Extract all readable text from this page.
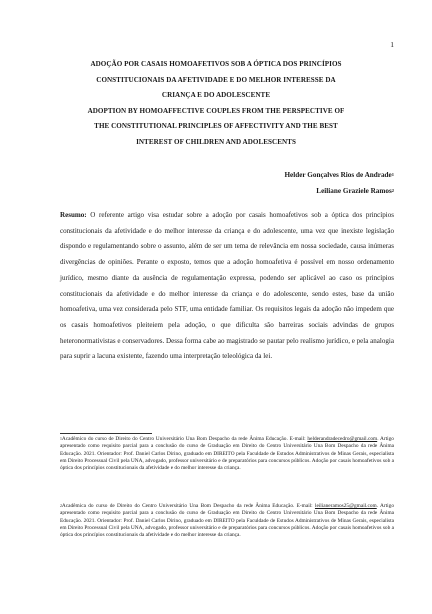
1
ADOÇÃO POR CASAIS HOMOAFETIVOS SOB A ÓPTICA DOS PRINCÍPIOS
CONSTITUCIONAIS DA AFETIVIDADE E DO MELHOR INTERESSE DA
CRIANÇA E DO ADOLESCENTE
ADOPTION BY HOMOAFFECTIVE COUPLES FROM THE PERSPECTIVE OF
THE CONSTITUTIONAL PRINCIPLES OF AFFECTIVITY AND THE BEST
INTEREST OF CHILDREN AND ADOLESCENTS
Helder Gonçalves Rios de Andrade$^1$
Leiliane Graziele Ramos$^2$
Resumo: O referente artigo visa estudar sobre a adoção por casais homoafetivos sob a óptica dos princípios constitucionais da afetividade e do melhor interesse da criança e do adolescente, uma vez que inexiste legislação dispondo e regulamentando sobre o assunto, além de ser um tema de relevância em nossa sociedade, causa inúmeras divergências de opiniões. Perante o exposto, temos que a adoção homoafetiva é possível em nosso ordenamento jurídico, mesmo diante da ausência de regulamentação expressa, podendo ser aplicável ao caso os princípios constitucionais da afetividade e do melhor interesse da criança e do adolescente, sendo estes, base da união homoafetiva, uma vez considerada pelo STF, uma entidade familiar. Os requisitos legais da adoção não impedem que os casais homoafetivos pleiteiem pela adoção, o que dificulta são barreiras sociais advindas de grupos heteronormativistas e conservadores. Dessa forma cabe ao magistrado se pautar pelo realismo jurídico, e pela analogia para suprir a lacuna existente, fazendo uma interpretação teleológica da lei.
$^1$Acadêmico do curso de Direito do Centro Universitário Una Bom Despacho da rede Ânima Educação. E-mail: helderandradecedro@gmail.com. Artigo apresentado como requisito parcial para a conclusão do curso de Graduação em Direito do Centro Universitário Una Bom Despacho da rede Ânima Educação. 2021. Orientador: Prof. Daniel Carlos Dirino, graduado em DIREITO pela Faculdade de Estudos Administrativos de Minas Gerais, especialista em Direito Processual Civil pela UNA, advogado, professor universitário e de preparatórios para concursos públicos. Adoção por casais homoafetivos sob a óptica dos princípios constitucionais da afetividade e do melhor interesse da criança.
$^2$Acadêmica do curso de Direito do Centro Universitário Una Bom Despacho da rede Ânima Educação. E-mail: leilianeramos25@gmail.com. Artigo apresentado como requisito parcial para a conclusão do curso de Graduação em Direito do Centro Universitário Una Bom Despacho da rede Ânima Educação. 2021. Orientador: Prof. Daniel Carlos Dirino, graduado em DIREITO pela Faculdade de Estudos Administrativos de Minas Gerais, especialista em Direito Processual Civil pela UNA, advogado, professor universitário e de preparatórios para concursos públicos. Adoção por casais homoafetivos sob a óptica dos princípios constitucionais da afetividade e do melhor interesse da criança.
